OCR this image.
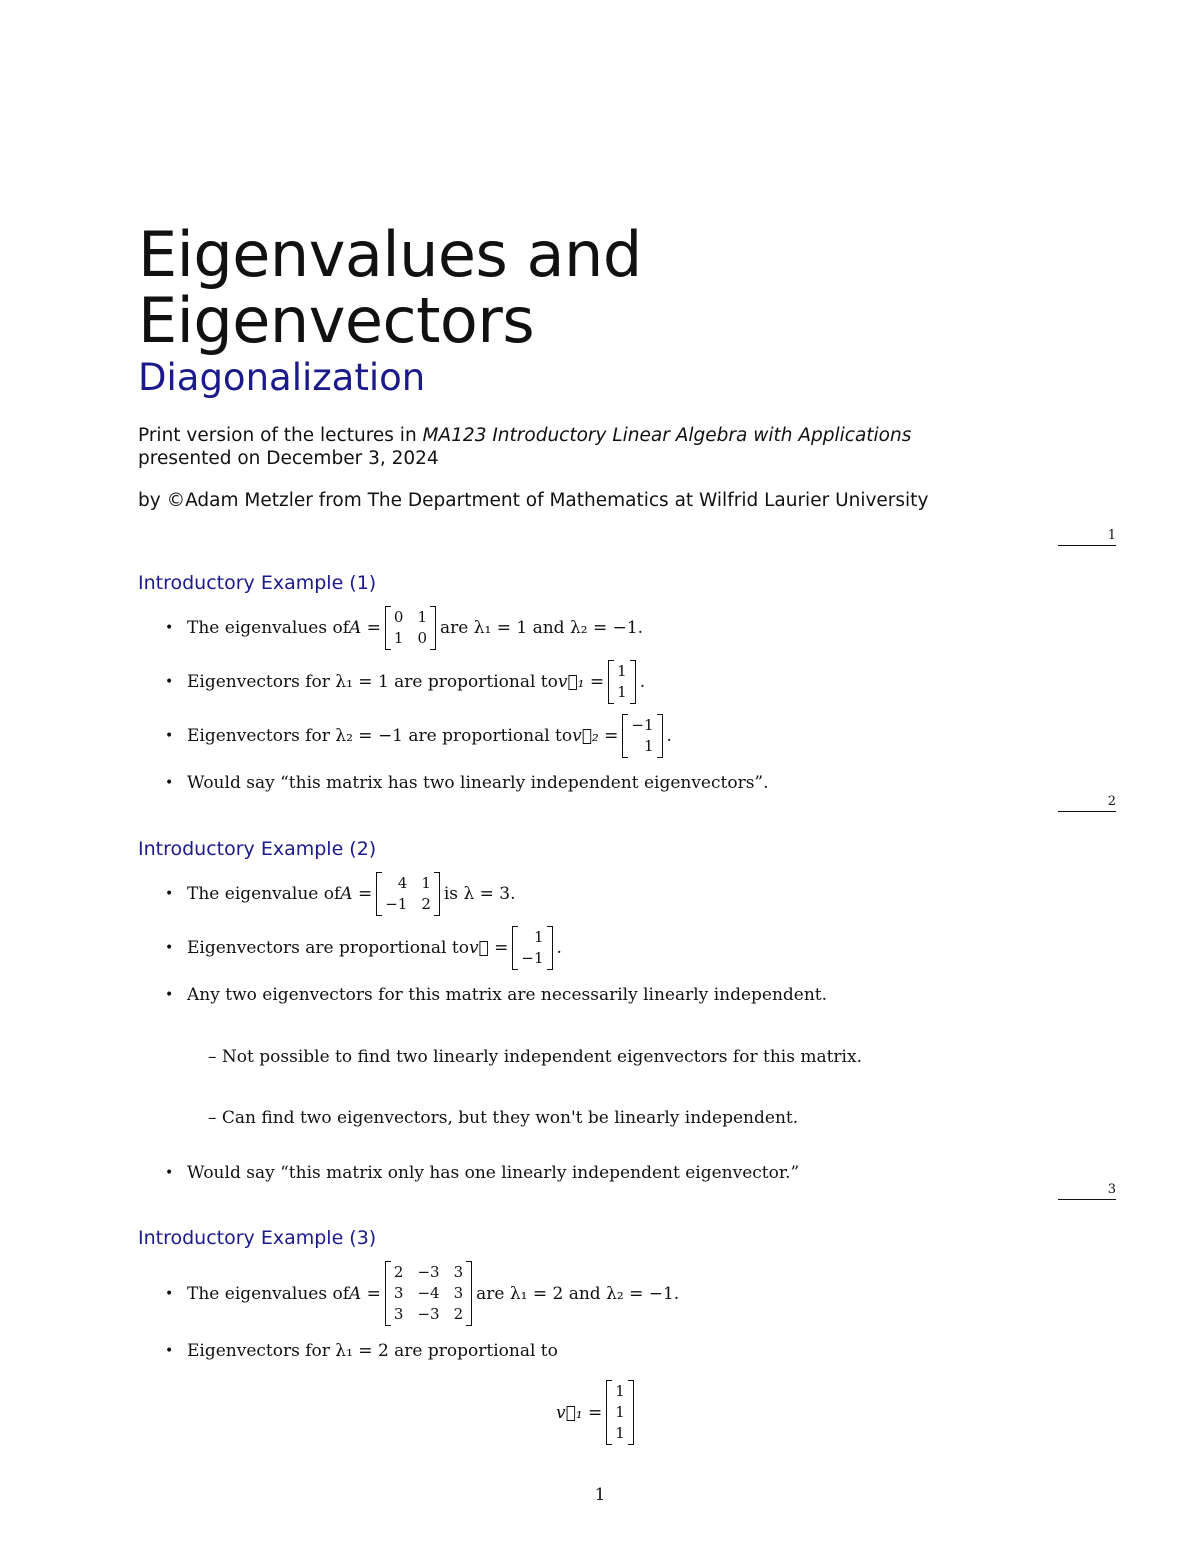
Eigenvalues and
Eigenvectors
Diagonalization
Print version of the lectures in MA123 Introductory Linear Algebra with Applications
presented on December 3, 2024
by ©Adam Metzler from The Department of Mathematics at Wilfrid Laurier University
1
Introductory Example (1)
• The eigenvalues of A =
0 1
1 0 are λ₁ = 1 and λ₂ = −1.
• Eigenvectors for λ₁ = 1 are proportional to v⃗₁ =
1
1 .
• Eigenvectors for λ₂ = −1 are proportional to v⃗₂ =
−1
1 .
• Would say “this matrix has two linearly independent eigenvectors”.
2
Introductory Example (2)
• The eigenvalue of A =
4 1
−1 2 is λ = 3.
• Eigenvectors are proportional to v⃗ =
1
−1 .
• Any two eigenvectors for this matrix are necessarily linearly independent.
– Not possible to find two linearly independent eigenvectors for this matrix.
– Can find two eigenvectors, but they won't be linearly independent.
• Would say “this matrix only has one linearly independent eigenvector.”
3
Introductory Example (3)
• The eigenvalues of A =
2 −3 3
3 −4 3
3 −3 2
are λ₁ = 2 and λ₂ = −1.
• Eigenvectors for λ₁ = 2 are proportional to
v⃗₁ =
1
1
1
1
